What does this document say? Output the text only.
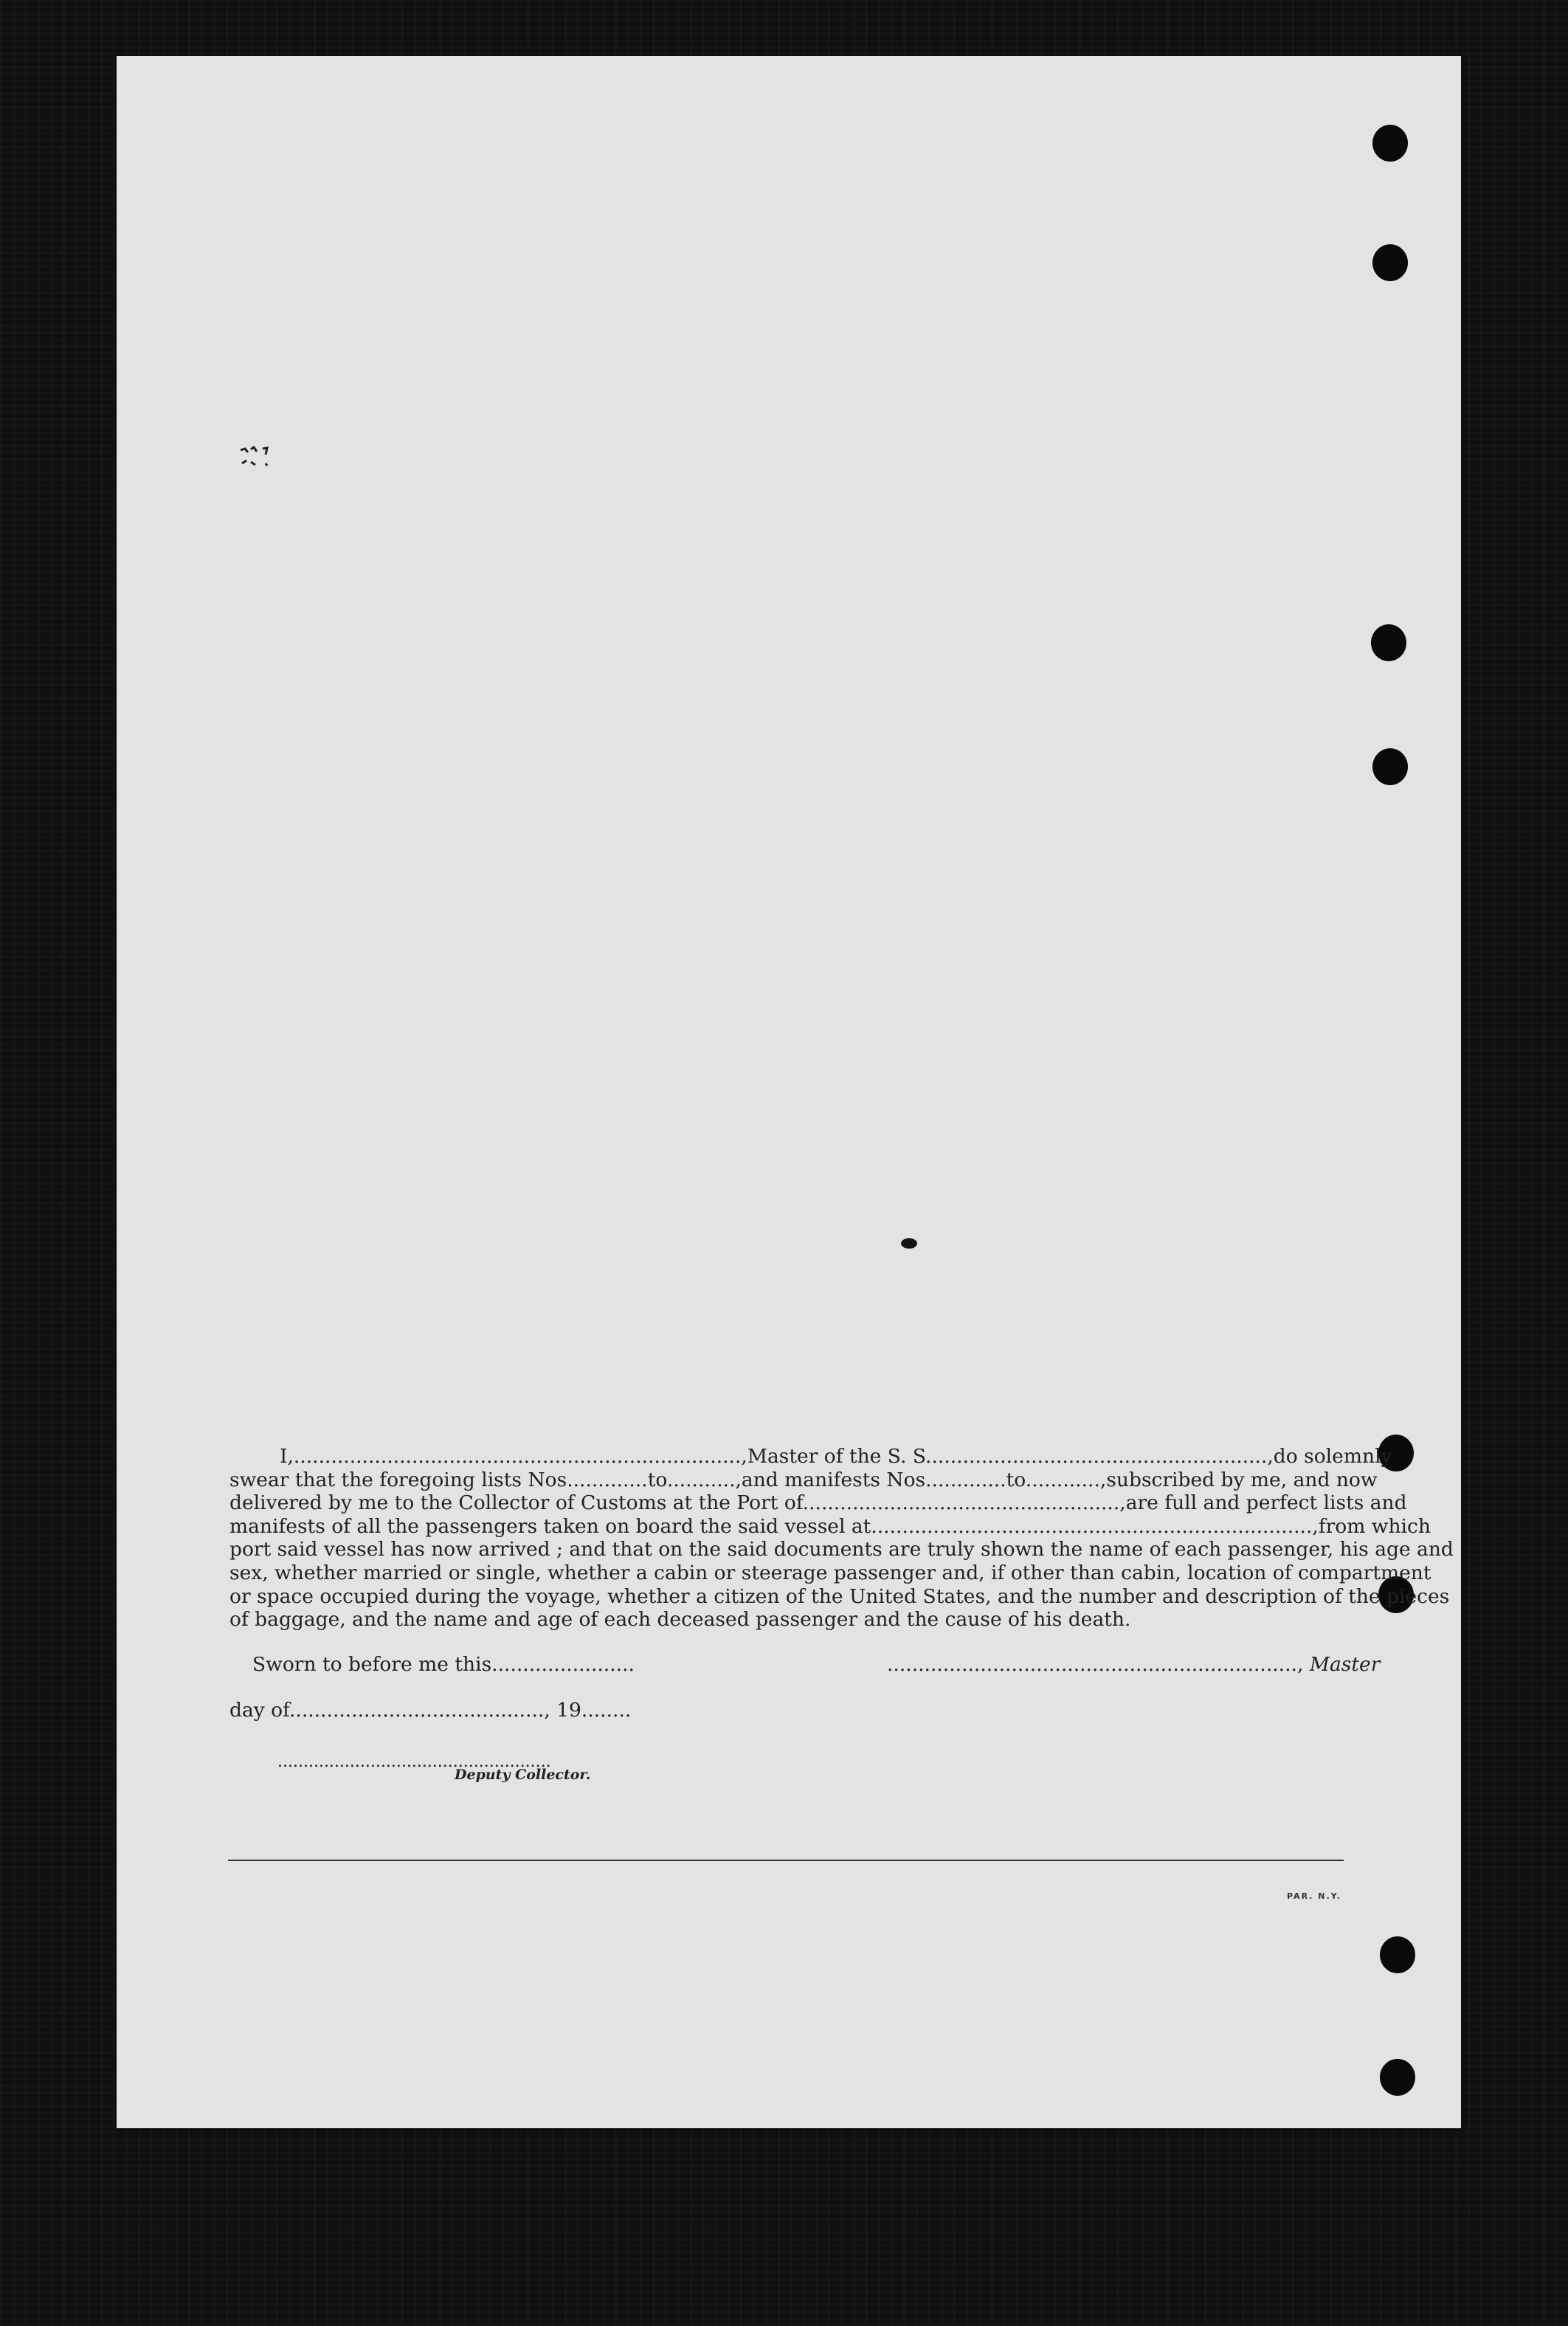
I,........................................................................, Master of the S. S......................................................., do solemnly
swear that the foregoing lists Nos.............to..........., and manifests Nos.............to............, subscribed by me, and now
delivered by me to the Collector of Customs at the Port of..................................................., are full and perfect lists and
manifests of all the passengers taken on board the said vessel at......................................................................., from which
port said vessel has now arrived ; and that on the said documents are truly shown the name of each passenger, his age and
sex, whether married or single, whether a cabin or steerage passenger and, if other than cabin, location of compartment
or space occupied during the voyage, whether a citizen of the United States, and the number and description of the pieces
of baggage, and the name and age of each deceased passenger and the cause of his death.
Sworn to before me this.......................	.................................................................., Master
day of........................................., 19........
.....................................................
Deputy Collector.
PAR. N.Y.
